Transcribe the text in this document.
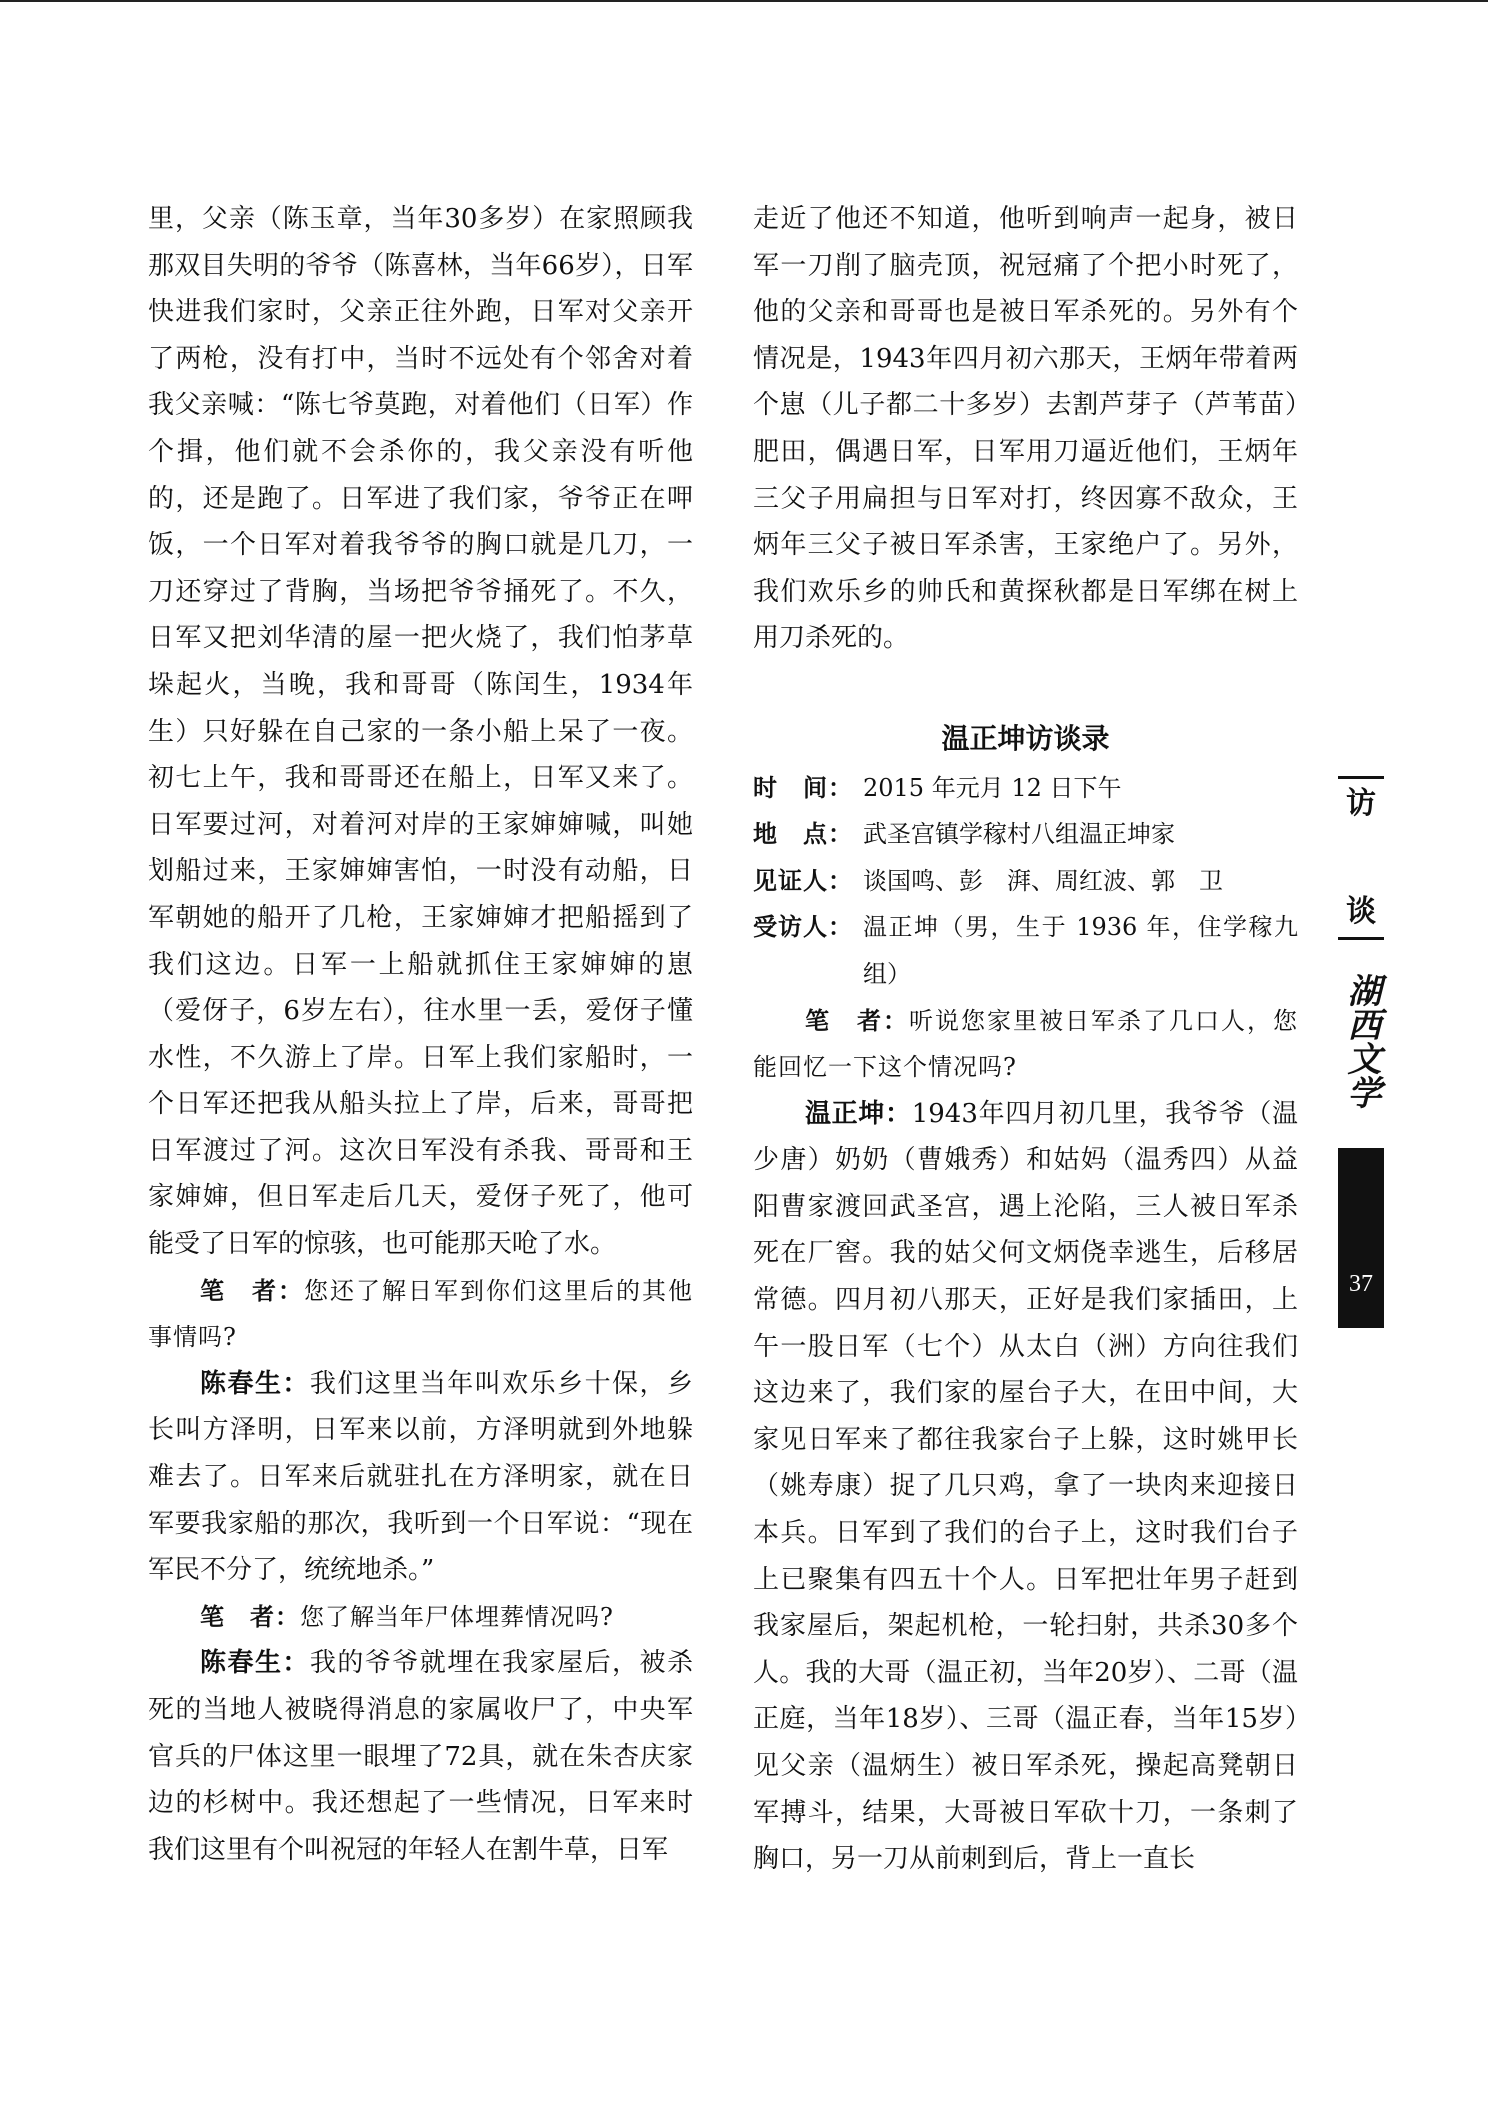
里，父亲（陈玉章，当年30多岁）在家照顾我那双目失明的爷爷（陈喜林，当年66岁），日军快进我们家时，父亲正往外跑，日军对父亲开了两枪，没有打中，当时不远处有个邻舍对着我父亲喊：“陈七爷莫跑，对着他们（日军）作个揖，他们就不会杀你的，我父亲没有听他的，还是跑了。日军进了我们家，爷爷正在呷饭，一个日军对着我爷爷的胸口就是几刀，一刀还穿过了背胸，当场把爷爷捅死了。不久，日军又把刘华清的屋一把火烧了，我们怕茅草垛起火，当晚，我和哥哥（陈闰生，1934年生）只好躲在自己家的一条小船上呆了一夜。初七上午，我和哥哥还在船上，日军又来了。日军要过河，对着河对岸的王家婶婶喊，叫她划船过来，王家婶婶害怕，一时没有动船，日军朝她的船开了几枪，王家婶婶才把船摇到了我们这边。日军一上船就抓住王家婶婶的崽（爱伢子，6岁左右），往水里一丢，爱伢子懂水性，不久游上了岸。日军上我们家船时，一个日军还把我从船头拉上了岸，后来，哥哥把日军渡过了河。这次日军没有杀我、哥哥和王家婶婶，但日军走后几天，爱伢子死了，他可能受了日军的惊骇，也可能那天呛了水。

笔　者：您还了解日军到你们这里后的其他事情吗?

陈春生：我们这里当年叫欢乐乡十保，乡长叫方泽明，日军来以前，方泽明就到外地躲难去了。日军来后就驻扎在方泽明家，就在日军要我家船的那次，我听到一个日军说：“现在军民不分了，统统地杀。”

笔　者：您了解当年尸体埋葬情况吗?

陈春生：我的爷爷就埋在我家屋后，被杀死的当地人被晓得消息的家属收尸了，中央军官兵的尸体这里一眼埋了72具，就在朱杏庆家边的杉树中。我还想起了一些情况，日军来时我们这里有个叫祝冠的年轻人在割牛草，日军

走近了他还不知道，他听到响声一起身，被日军一刀削了脑壳顶，祝冠痛了个把小时死了，他的父亲和哥哥也是被日军杀死的。另外有个情况是，1943年四月初六那天，王炳年带着两个崽（儿子都二十多岁）去割芦芽子（芦苇苗）肥田，偶遇日军，日军用刀逼近他们，王炳年三父子用扁担与日军对打，终因寡不敌众，王炳年三父子被日军杀害，王家绝户了。另外，我们欢乐乡的帅氏和黄探秋都是日军绑在树上用刀杀死的。

温正坤访谈录

时　间： 2015 年元月 12 日下午
地　点： 武圣宫镇学稼村八组温正坤家
见证人： 谈国鸣、彭　湃、周红波、郭　卫
受访人： 温正坤（男，生于 1936 年，住学稼九组）

笔　者：听说您家里被日军杀了几口人，您能回忆一下这个情况吗?

温正坤：1943年四月初几里，我爷爷（温少唐）奶奶（曹娥秀）和姑妈（温秀四）从益阳曹家渡回武圣宫，遇上沦陷，三人被日军杀死在厂窖。我的姑父何文炳侥幸逃生，后移居常德。四月初八那天，正好是我们家插田，上午一股日军（七个）从太白（洲）方向往我们这边来了，我们家的屋台子大，在田中间，大家见日军来了都往我家台子上躲，这时姚甲长（姚寿康）捉了几只鸡，拿了一块肉来迎接日本兵。日军到了我们的台子上，这时我们台子上已聚集有四五十个人。日军把壮年男子赶到我家屋后，架起机枪，一轮扫射，共杀30多个人。我的大哥（温正初，当年20岁）、二哥（温正庭，当年18岁）、三哥（温正春，当年15岁）见父亲（温炳生）被日军杀死，操起高凳朝日军搏斗，结果，大哥被日军砍十刀，一条刺了胸口，另一刀从前刺到后，背上一直长

访
谈
湖西文学
37
